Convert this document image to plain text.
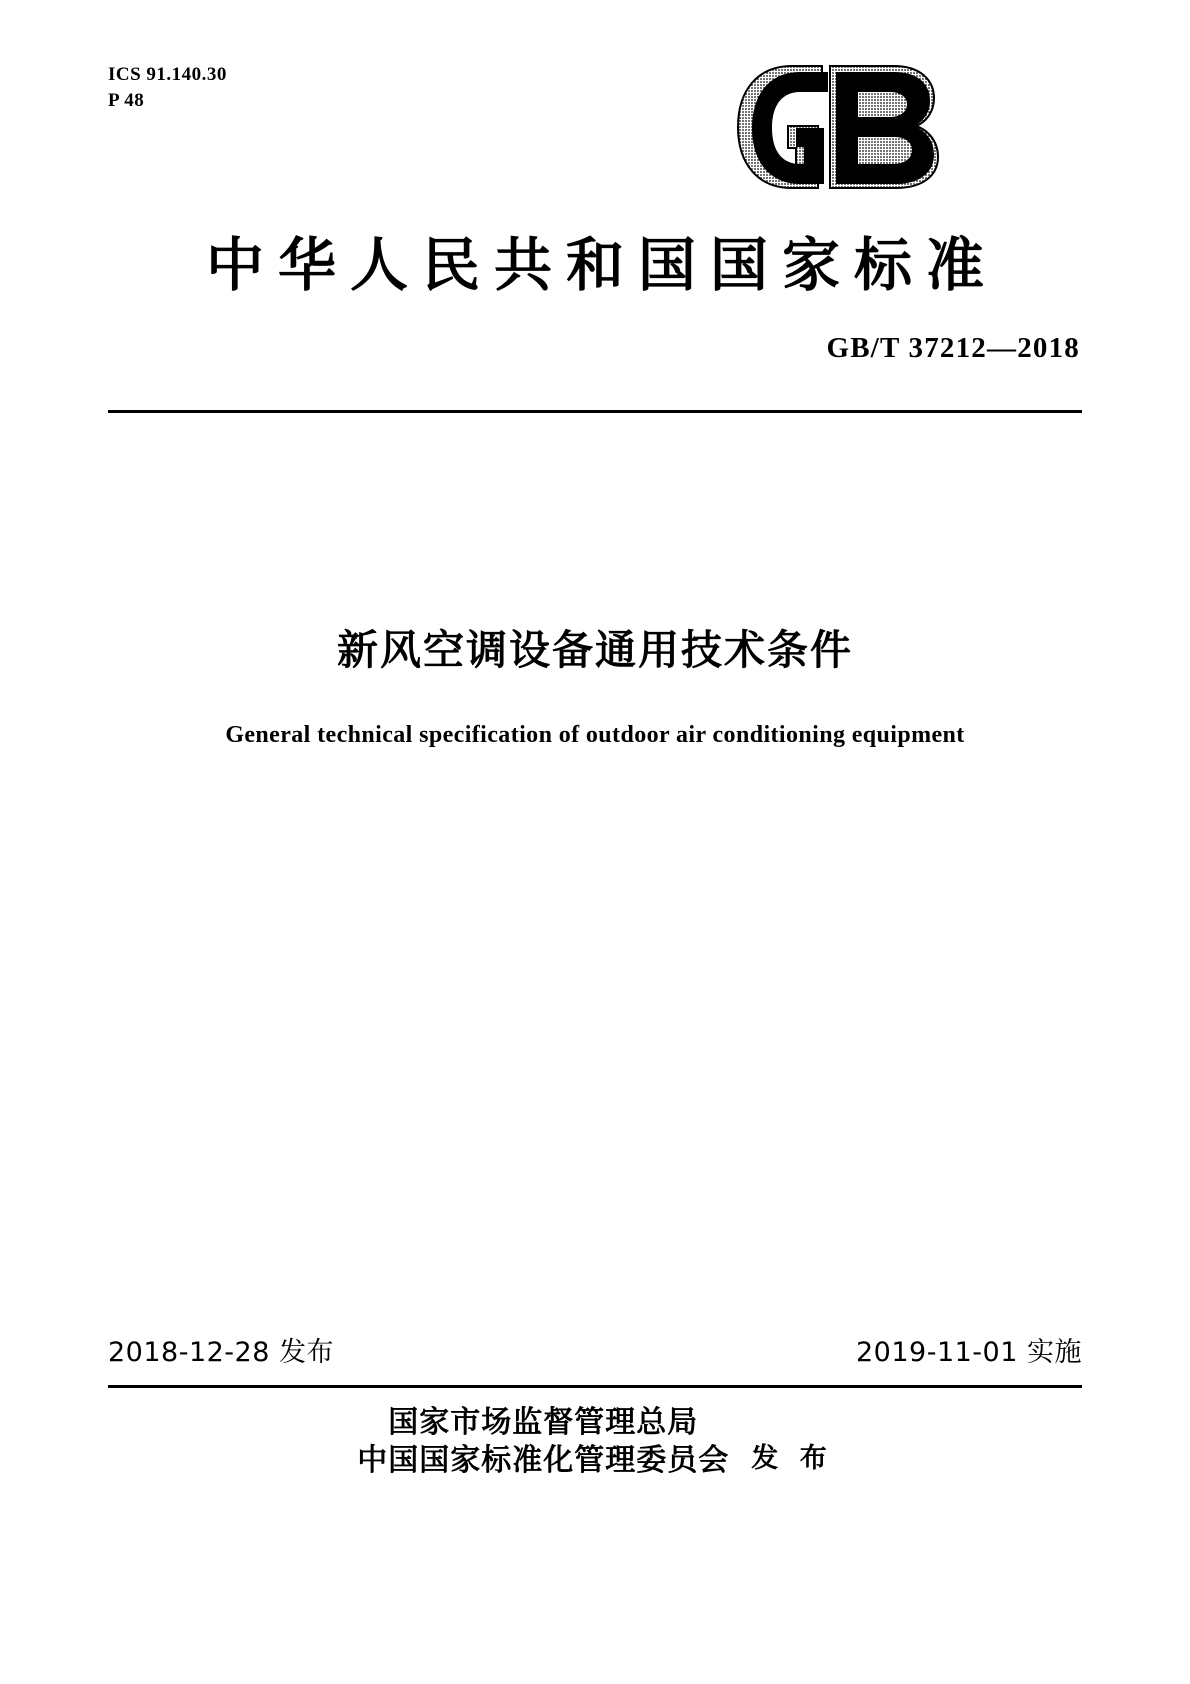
ICS 91.140.30
P 48
中华人民共和国国家标准
GB/T 37212—2018
新风空调设备通用技术条件
General technical specification of outdoor air conditioning equipment
2018-12-28 发布	2019-11-01 实施
国家市场监督管理总局
中国国家标准化管理委员会 发 布
